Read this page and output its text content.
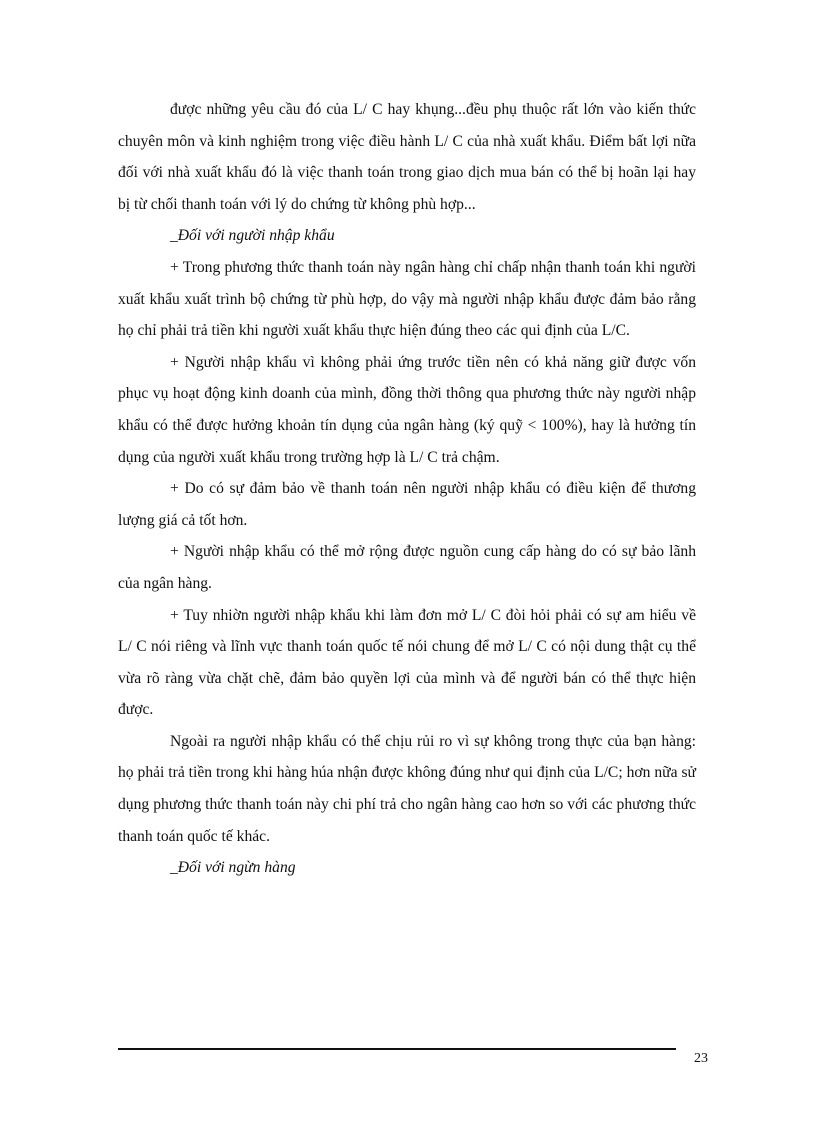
được những yêu cầu đó của L/ C hay khụng...đều phụ thuộc rất lớn vào kiến thức chuyên môn và kinh nghiệm trong việc điều hành L/ C của nhà xuất khẩu. Điểm bất lợi nữa đối với nhà xuất khẩu đó là việc thanh toán trong giao dịch mua bán có thể bị hoãn lại hay bị từ chối thanh toán với lý do chứng từ không phù hợp...

_Đối với người nhập khẩu

+ Trong phương thức thanh toán này ngân hàng chỉ chấp nhận thanh toán khi người xuất khẩu xuất trình bộ chứng từ phù hợp, do vậy mà người nhập khẩu được đảm bảo rằng họ chỉ phải trả tiền khi người xuất khẩu thực hiện đúng theo các qui định của L/C.

+ Người nhập khẩu vì không phải ứng trước tiền nên có khả năng giữ được vốn phục vụ hoạt động kinh doanh của mình, đồng thời thông qua phương thức này người nhập khẩu có thể được hưởng khoản tín dụng của ngân hàng (ký quỹ < 100%), hay là hưởng tín dụng của người xuất khẩu trong trường hợp là L/ C trả chậm.

+ Do có sự đảm bảo về thanh toán nên người nhập khẩu có điều kiện để thương lượng giá cả tốt hơn.

+ Người nhập khẩu có thể mở rộng được nguồn cung cấp hàng do có sự bảo lãnh của ngân hàng.

+ Tuy nhiờn người nhập khẩu khi làm đơn mở L/ C đòi hỏi phải có sự am hiểu về L/ C nói riêng và lĩnh vực thanh toán quốc tế nói chung để mở L/ C có nội dung thật cụ thể vừa rõ ràng vừa chặt chẽ, đảm bảo quyền lợi của mình và để người bán có thể thực hiện được.

Ngoài ra người nhập khẩu có thể chịu rủi ro vì sự không trong thực của bạn hàng: họ phải trả tiền trong khi hàng húa nhận được không đúng như qui định của L/C; hơn nữa sử dụng phương thức thanh toán này chi phí trả cho ngân hàng cao hơn so với các phương thức thanh toán quốc tế khác.

_Đối với ngừn hàng

23
